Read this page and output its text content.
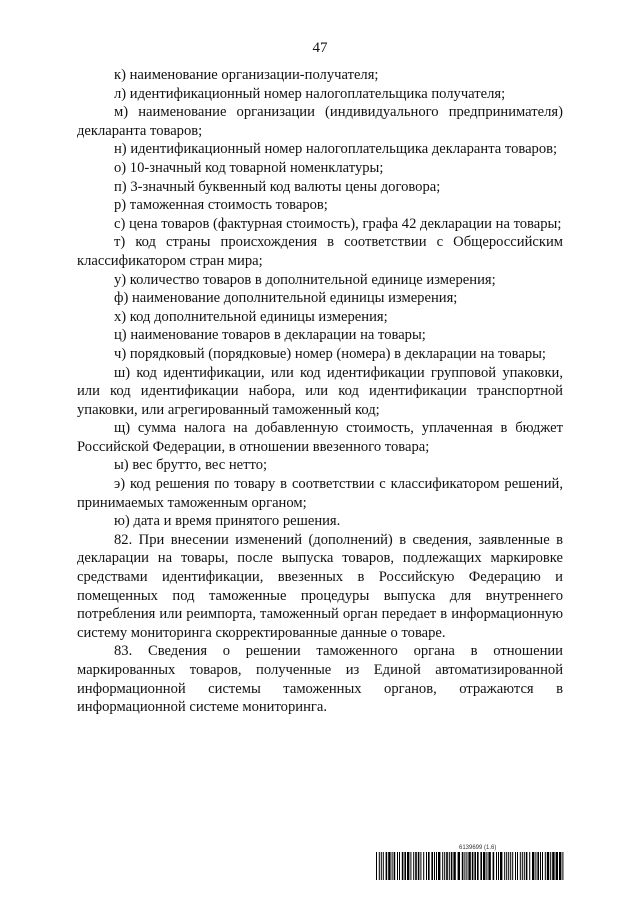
47

к) наименование организации-получателя;

л) идентификационный номер налогоплательщика получателя;

м) наименование организации (индивидуального предпринимателя) декларанта товаров;

н) идентификационный номер налогоплательщика декларанта товаров;

о) 10-значный код товарной номенклатуры;

п) 3-значный буквенный код валюты цены договора;

р) таможенная стоимость товаров;

с) цена товаров (фактурная стоимость), графа 42 декларации на товары;

т) код страны происхождения в соответствии с Общероссийским классификатором стран мира;

у) количество товаров в дополнительной единице измерения;

ф) наименование дополнительной единицы измерения;

х) код дополнительной единицы измерения;

ц) наименование товаров в декларации на товары;

ч) порядковый (порядковые) номер (номера) в декларации на товары;

ш) код идентификации, или код идентификации групповой упаковки, или код идентификации набора, или код идентификации транспортной упаковки, или агрегированный таможенный код;

щ) сумма налога на добавленную стоимость, уплаченная в бюджет Российской Федерации, в отношении ввезенного товара;

ы) вес брутто, вес нетто;

э) код решения по товару в соответствии с классификатором решений, принимаемых таможенным органом;

ю) дата и время принятого решения.

82. При внесении изменений (дополнений) в сведения, заявленные в декларации на товары, после выпуска товаров, подлежащих маркировке средствами идентификации, ввезенных в Российскую Федерацию и помещенных под таможенные процедуры выпуска для внутреннего потребления или реимпорта, таможенный орган передает в информационную систему мониторинга скорректированные данные о товаре.

83. Сведения о решении таможенного органа в отношении маркированных товаров, полученные из Единой автоматизированной информационной системы таможенных органов, отражаются в информационной системе мониторинга.

6139699 (1.6)
